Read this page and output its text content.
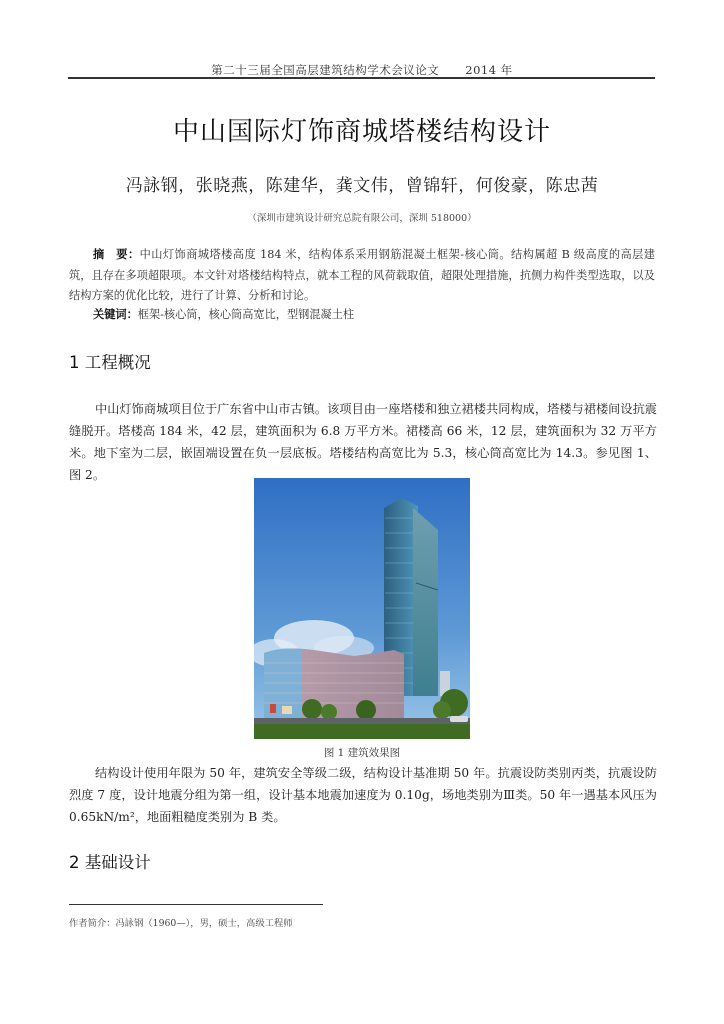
第二十三届全国高层建筑结构学术会议论文 2014 年
中山国际灯饰商城塔楼结构设计
冯詠钢，张晓燕，陈建华，龚文伟，曾锦轩，何俊豪，陈忠茜
（深圳市建筑设计研究总院有限公司，深圳 518000）
摘　要：中山灯饰商城塔楼高度 184 米，结构体系采用钢筋混凝土框架-核心筒。结构属超 B 级高度的高层建筑，且存在多项超限项。本文针对塔楼结构特点，就本工程的风荷载取值，超限处理措施，抗侧力构件类型选取，以及结构方案的优化比较，进行了计算、分析和讨论。
关键词：框架-核心筒，核心筒高宽比，型钢混凝土柱
1 工程概况
中山灯饰商城项目位于广东省中山市古镇。该项目由一座塔楼和独立裙楼共同构成，塔楼与裙楼间设抗震缝脱开。塔楼高 184 米，42 层，建筑面积为 6.8 万平方米。裙楼高 66 米，12 层，建筑面积为 32 万平方米。地下室为二层，嵌固端设置在负一层底板。塔楼结构高宽比为 5.3，核心筒高宽比为 14.3。参见图 1、图 2。
图 1 建筑效果图
结构设计使用年限为 50 年，建筑安全等级二级，结构设计基准期 50 年。抗震设防类别丙类，抗震设防烈度 7 度，设计地震分组为第一组，设计基本地震加速度为 0.10g，场地类别为Ⅲ类。50 年一遇基本风压为 0.65kN/m²，地面粗糙度类别为 B 类。
2 基础设计
作者简介：冯詠钢（1960—），男，硕士，高级工程师
